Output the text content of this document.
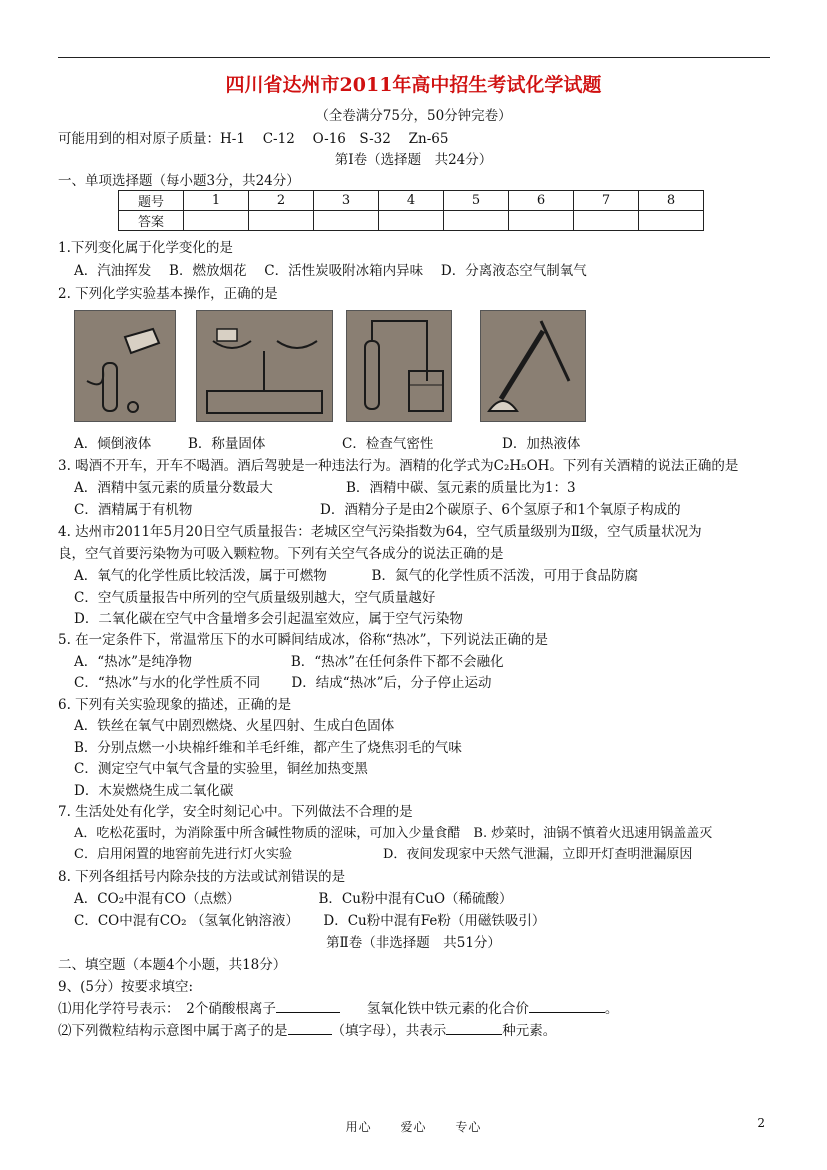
四川省达州市2011年高中招生考试化学试题
（全卷满分75分，50分钟完卷）
可能用到的相对原子质量：H-1　 C-12　 O-16　S-32　 Zn-65
第Ⅰ卷（选择题　共24分）
一、单项选择题（每小题3分，共24分）
题号	1	2	3	4	5	6	7	8
答案								
1.下列变化属于化学变化的是
A．汽油挥发　 B．燃放烟花　 C．活性炭吸附冰箱内异味　 D．分离液态空气制氧气
2. 下列化学实验基本操作，正确的是
A．倾倒液体	B．称量固体	C．检查气密性	D．加热液体
3. 喝酒不开车，开车不喝酒。酒后驾驶是一种违法行为。酒精的化学式为C₂H₅OH。下列有关酒精的说法正确的是
A．酒精中氢元素的质量分数最大	B．酒精中碳、氢元素的质量比为1：3
C．酒精属于有机物	D．酒精分子是由2个碳原子、6个氢原子和1个氧原子构成的
4. 达州市2011年5月20日空气质量报告：老城区空气污染指数为64，空气质量级别为Ⅱ级，空气质量状况为
良，空气首要污染物为可吸入颗粒物。下列有关空气各成分的说法正确的是
A．氧气的化学性质比较活泼，属于可燃物　　　 B．氮气的化学性质不活泼，可用于食品防腐
C．空气质量报告中所列的空气质量级别越大，空气质量越好
D．二氧化碳在空气中含量增多会引起温室效应，属于空气污染物
5. 在一定条件下，常温常压下的水可瞬间结成冰，俗称“热冰”，下列说法正确的是
A．“热冰”是纯净物　　　　　　　 B．“热冰”在任何条件下都不会融化
C．“热冰”与水的化学性质不同　　 D．结成“热冰”后，分子停止运动
6. 下列有关实验现象的描述，正确的是
A．铁丝在氧气中剧烈燃烧、火星四射、生成白色固体
B．分别点燃一小块棉纤维和羊毛纤维，都产生了烧焦羽毛的气味
C．测定空气中氧气含量的实验里，铜丝加热变黑
D．木炭燃烧生成二氧化碳
7. 生活处处有化学，安全时刻记心中。下列做法不合理的是
A．吃松花蛋时，为消除蛋中所含碱性物质的涩味，可加入少量食醋　B. 炒菜时，油锅不慎着火迅速用锅盖盖灭
C．启用闲置的地窖前先进行灯火实验　　　　　　　D．夜间发现家中天然气泄漏，立即开灯查明泄漏原因
8. 下列各组括号内除杂技的方法或试剂错误的是
A．CO₂中混有CO（点燃）　　　　　　 B．Cu粉中混有CuO（稀硫酸）
C．CO中混有CO₂ （氢氧化钠溶液）　　 D．Cu粉中混有Fe粉（用磁铁吸引）
第Ⅱ卷（非选择题　共51分）
二、填空题（本题4个小题，共18分）
9、(5分）按要求填空:
⑴用化学符号表示：　2个硝酸根离子	　　氢氧化铁中铁元素的化合价	。
⑵下列微粒结构示意图中属于离子的是	（填字母），共表示	种元素。
用心 爱心 专心	2
